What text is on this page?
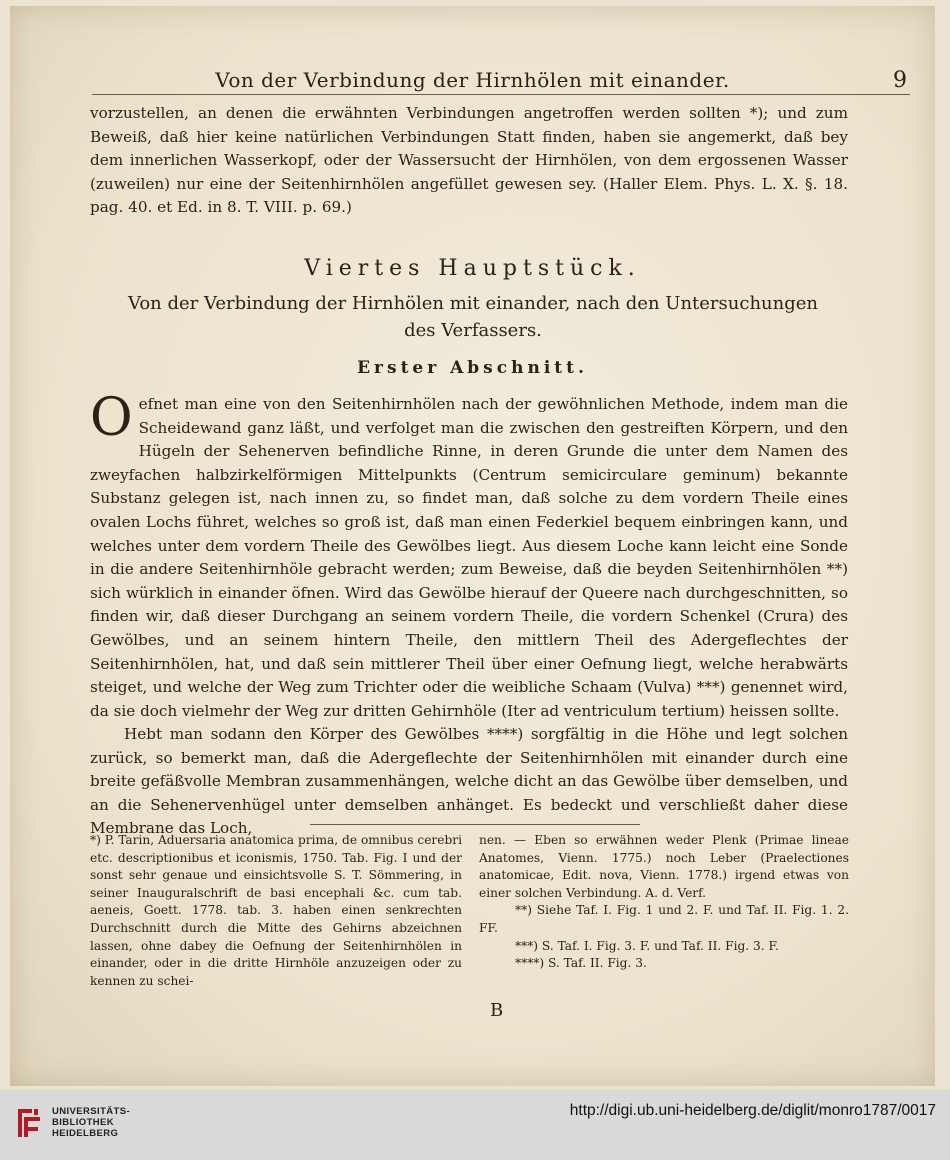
Von der Verbindung der Hirnhölen mit einander.	9
vorzustellen, an denen die erwähnten Verbindungen angetroffen werden sollten *); und zum Beweiß, daß hier keine natürlichen Verbindungen Statt finden, haben sie angemerkt, daß bey dem innerlichen Wasserkopf, oder der Wassersucht der Hirnhölen, von dem ergossenen Wasser (zuweilen) nur eine der Seitenhirnhölen angefüllet gewesen sey. (Haller Elem. Phys. L. X. §. 18. pag. 40. et Ed. in 8. T. VIII. p. 69.)
Viertes Hauptstück.
Von der Verbindung der Hirnhölen mit einander, nach den Untersuchungen des Verfassers.
Erster Abschnitt.
Oefnet man eine von den Seitenhirnhölen nach der gewöhnlichen Methode, indem man die Scheidewand ganz läßt, und verfolget man die zwischen den gestreiften Körpern, und den Hügeln der Sehenerven befindliche Rinne, in deren Grunde die unter dem Namen des zweyfachen halbzirkelförmigen Mittelpunkts (Centrum semicirculare geminum) bekannte Substanz gelegen ist, nach innen zu, so findet man, daß solche zu dem vordern Theile eines ovalen Lochs führet, welches so groß ist, daß man einen Federkiel bequem einbringen kann, und welches unter dem vordern Theile des Gewölbes liegt. Aus diesem Loche kann leicht eine Sonde in die andere Seitenhirnhöle gebracht werden; zum Beweise, daß die beyden Seitenhirnhölen **) sich würklich in einander öfnen. Wird das Gewölbe hierauf der Queere nach durchgeschnitten, so finden wir, daß dieser Durchgang an seinem vordern Theile, die vordern Schenkel (Crura) des Gewölbes, und an seinem hintern Theile, den mittlern Theil des Adergeflechtes der Seitenhirnhölen, hat, und daß sein mittlerer Theil über einer Oefnung liegt, welche herabwärts steiget, und welche der Weg zum Trichter oder die weibliche Schaam (Vulva) ***) genennet wird, da sie doch vielmehr der Weg zur dritten Gehirnhöle (Iter ad ventriculum tertium) heissen sollte.
Hebt man sodann den Körper des Gewölbes ****) sorgfältig in die Höhe und legt solchen zurück, so bemerkt man, daß die Adergeflechte der Seitenhirnhölen mit einander durch eine breite gefäßvolle Membran zusammenhängen, welche dicht an das Gewölbe über demselben, und an die Sehenervenhügel unter demselben anhänget. Es bedeckt und verschließt daher diese Membrane das Loch,
*) P. Tarin, Aduersaria anatomica prima, de omnibus cerebri etc. descriptionibus et iconismis, 1750. Tab. Fig. I und der sonst sehr genaue und einsichtsvolle S. T. Sömmering, in seiner Inauguralschrift de basi encephali &c. cum tab. aeneis, Goett. 1778. tab. 3. haben einen senkrechten Durchschnitt durch die Mitte des Gehirns abzeichnen lassen, ohne dabey die Oefnung der Seitenhirnhölen in einander, oder in die dritte Hirnhöle anzuzeigen oder zu kennen zu schei-

nen. — Eben so erwähnen weder Plenk (Primae lineae Anatomes, Vienn. 1775.) noch Leber (Praelectiones anatomicae, Edit. nova, Vienn. 1778.) irgend etwas von einer solchen Verbindung. A. d. Verf.

**) Siehe Taf. I. Fig. 1 und 2. F. und Taf. II. Fig. 1. 2. FF.

***) S. Taf. I. Fig. 3. F. und Taf. II. Fig. 3. F.

****) S. Taf. II. Fig. 3.

B
UNIVERSITÄTS-
BIBLIOTHEK
HEIDELBERG
http://digi.ub.uni-heidelberg.de/diglit/monro1787/0017
